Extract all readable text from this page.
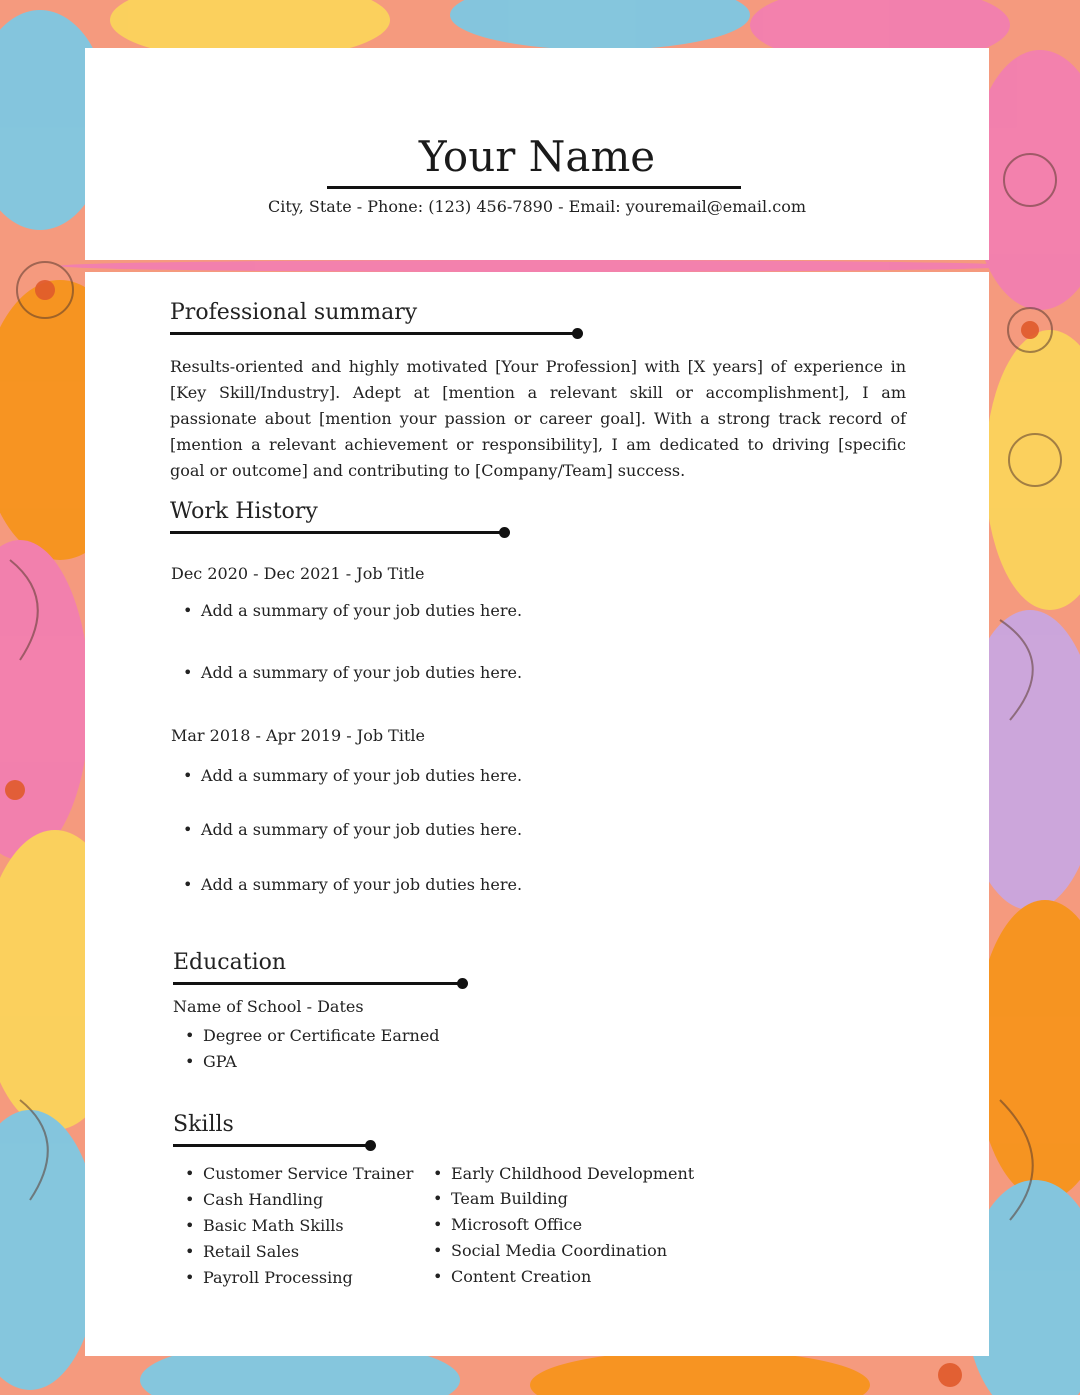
Your Name
City, State - Phone: (123) 456-7890 - Email: youremail@email.com
Professional summary
Results-oriented and highly motivated [Your Profession] with [X years] of experience in [Key Skill/Industry]. Adept at [mention a relevant skill or accomplishment], I am passionate about [mention your passion or career goal]. With a strong track record of [mention a relevant achievement or responsibility], I am dedicated to driving [specific goal or outcome] and contributing to [Company/Team] success.
Work History
Dec 2020 - Dec 2021 - Job Title
• Add a summary of your job duties here.
• Add a summary of your job duties here.
Mar 2018 - Apr 2019 - Job Title
• Add a summary of your job duties here.
• Add a summary of your job duties here.
• Add a summary of your job duties here.
Education
Name of School - Dates
• Degree or Certificate Earned
• GPA
Skills
• Customer Service Trainer
• Cash Handling
• Basic Math Skills
• Retail Sales
• Payroll Processing
• Early Childhood Development
• Team Building
• Microsoft Office
• Social Media Coordination
• Content Creation
